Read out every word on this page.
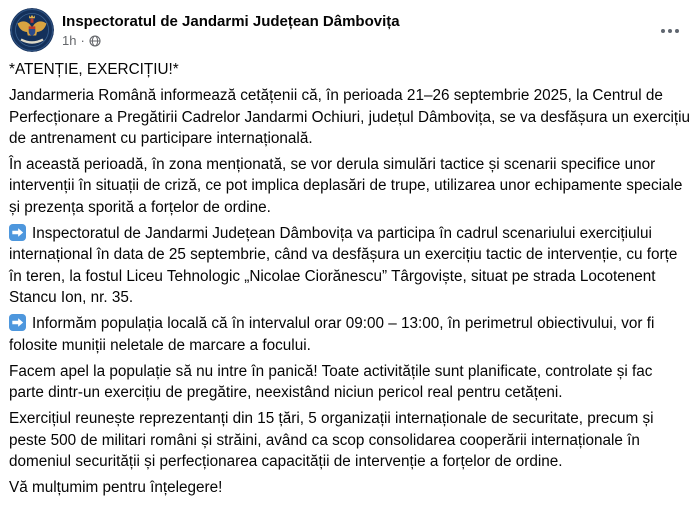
Inspectoratul de Jandarmi Județean Dâmbovița
1h ·

*ATENȚIE, EXERCIȚIU!*

Jandarmeria Română informează cetățenii că, în perioada 21–26 septembrie 2025, la Centrul de Perfecționare a Pregătirii Cadrelor Jandarmi Ochiuri, județul Dâmbovița, se va desfășura un exercițiu de antrenament cu participare internațională.

În această perioadă, în zona menționată, se vor derula simulări tactice și scenarii specifice unor intervenții în situații de criză, ce pot implica deplasări de trupe, utilizarea unor echipamente speciale și prezența sporită a forțelor de ordine.

Inspectoratul de Jandarmi Județean Dâmbovița va participa în cadrul scenariului exercițiului internațional în data de 25 septembrie, când va desfășura un exercițiu tactic de intervenție, cu forțe în teren, la fostul Liceu Tehnologic „Nicolae Ciorănescu” Târgoviște, situat pe strada Locotenent Stancu Ion, nr. 35.

Informăm populația locală că în intervalul orar 09:00 – 13:00, în perimetrul obiectivului, vor fi folosite muniții neletale de marcare a focului.

Facem apel la populație să nu intre în panică! Toate activitățile sunt planificate, controlate și fac parte dintr-un exercițiu de pregătire, neexistând niciun pericol real pentru cetățeni.

Exercițiul reunește reprezentanți din 15 țări, 5 organizații internaționale de securitate, precum și peste 500 de militari români și străini, având ca scop consolidarea cooperării internaționale în domeniul securității și perfecționarea capacității de intervenție a forțelor de ordine.

Vă mulțumim pentru înțelegere!
